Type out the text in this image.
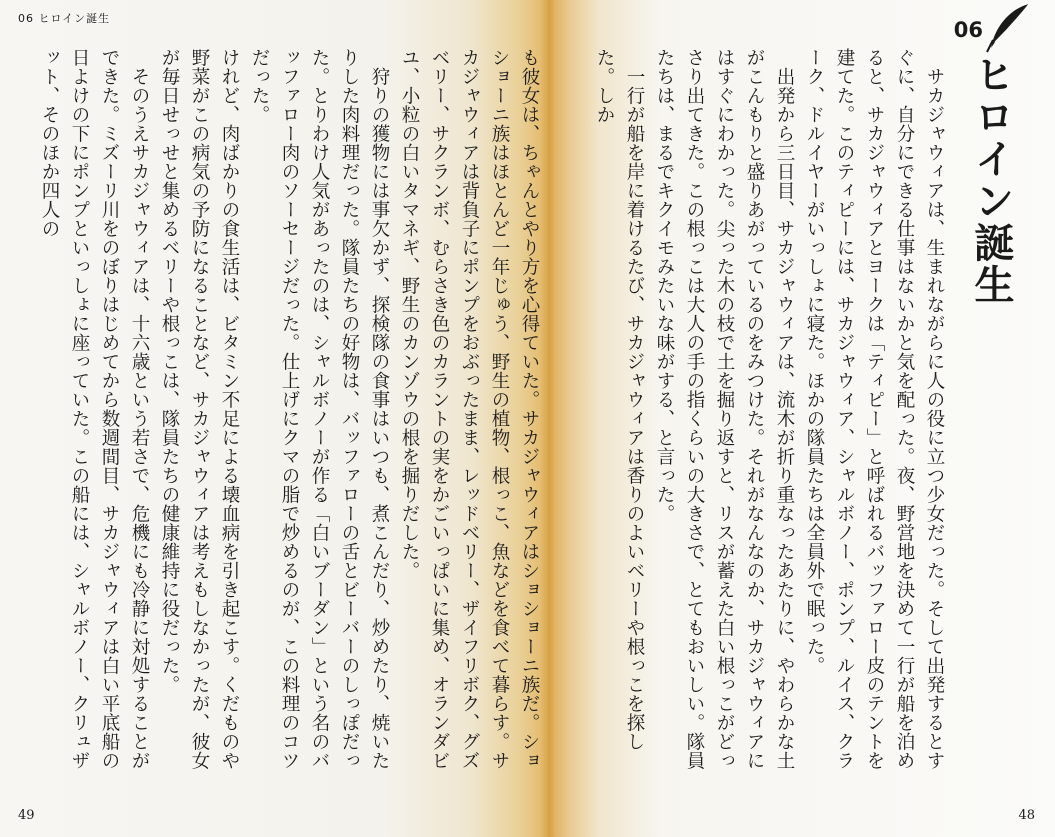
06 ヒロイン誕生

も彼女は、ちゃんとやり方を心得ていた。サカジャウィアはショショーニ族だ。ショショーニ族はほとんど一年じゅう、野生の植物、根っこ、魚などを食べて暮らす。サカジャウィアは背負子にポンプをおぶったまま、レッドベリー、ザイフリボク、グズベリー、サクランボ、むらさき色のカラントの実をかごいっぱいに集め、オランダビユ、小粒の白いタマネギ、野生のカンゾウの根を掘りだした。

狩りの獲物には事欠かず、探検隊の食事はいつも、煮こんだり、炒めたり、焼いたりした肉料理だった。隊員たちの好物は、バッファローの舌とビーバーのしっぽだった。とりわけ人気があったのは、シャルボノーが作る「白いブーダン」という名のバッファロー肉のソーセージだった。仕上げにクマの脂で炒めるのが、この料理のコツだった。

けれど、肉ばかりの食生活は、ビタミン不足による壊血病を引き起こす。くだものや野菜がこの病気の予防になることなど、サカジャウィアは考えもしなかったが、彼女が毎日せっせと集めるベリーや根っこは、隊員たちの健康維持に役だった。

そのうえサカジャウィアは、十六歳という若さで、危機にも冷静に対処することができた。ミズーリ川をのぼりはじめてから数週間目、サカジャウィアは白い平底船の日よけの下にポンプといっしょに座っていた。この船には、シャルボノー、クリュザット、そのほか四人の

49
06
ヒロイン誕生

サカジャウィアは、生まれながらに人の役に立つ少女だった。そして出発するとすぐに、自分にできる仕事はないかと気を配った。夜、野営地を決めて一行が船を泊めると、サカジャウィアとヨークは「ティピー」と呼ばれるバッファロー皮のテントを建てた。このティピーには、サカジャウィア、シャルボノー、ポンプ、ルイス、クラーク、ドルイヤーがいっしょに寝た。ほかの隊員たちは全員外で眠った。

出発から三日目、サカジャウィアは、流木が折り重なったあたりに、やわらかな土がこんもりと盛りあがっているのをみつけた。それがなんなのか、サカジャウィアにはすぐにわかった。尖った木の枝で土を掘り返すと、リスが蓄えた白い根っこがどっさり出てきた。この根っこは大人の手の指くらいの大きさで、とてもおいしい。隊員たちは、まるでキクイモみたいな味がする、と言った。

一行が船を岸に着けるたび、サカジャウィアは香りのよいベリーや根っこを探した。しか

48
